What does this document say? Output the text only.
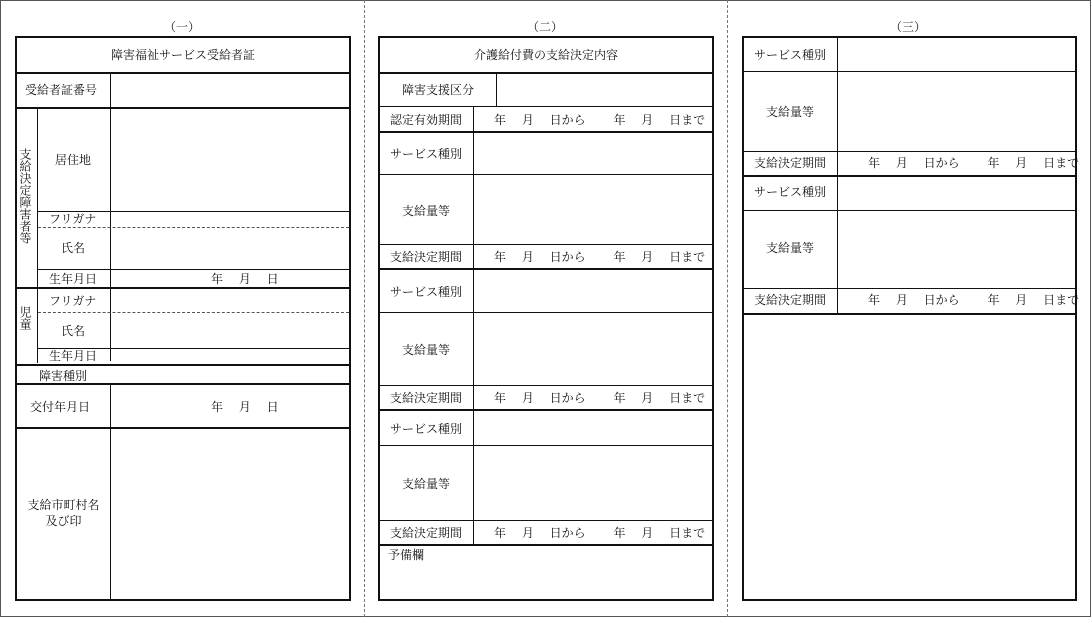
（一）	（二）	（三）
障害福祉サービス受給者証
受給者証番号
支給決定障害者等 居住地
フリガナ
氏名
生年月日	年　 月　 日
児童
フリガナ
氏名
生年月日
障害種別
交付年月日	年　 月　 日
支給市町村名
及び印
介護給付費の支給決定内容
障害支援区分
認定有効期間	年　 月　 日から　　 年　 月　 日まで
サービス種別
支給量等
支給決定期間	年　 月　 日から　　 年　 月　 日まで
サービス種別
支給量等
支給決定期間	年　 月　 日から　　 年　 月　 日まで
サービス種別
支給量等
支給決定期間	年　 月　 日から　　 年　 月　 日まで
予備欄
サービス種別
支給量等
支給決定期間	年　 月　 日から　　 年　 月　 日まで
サービス種別
支給量等
支給決定期間	年　 月　 日から　　 年　 月　 日まで
